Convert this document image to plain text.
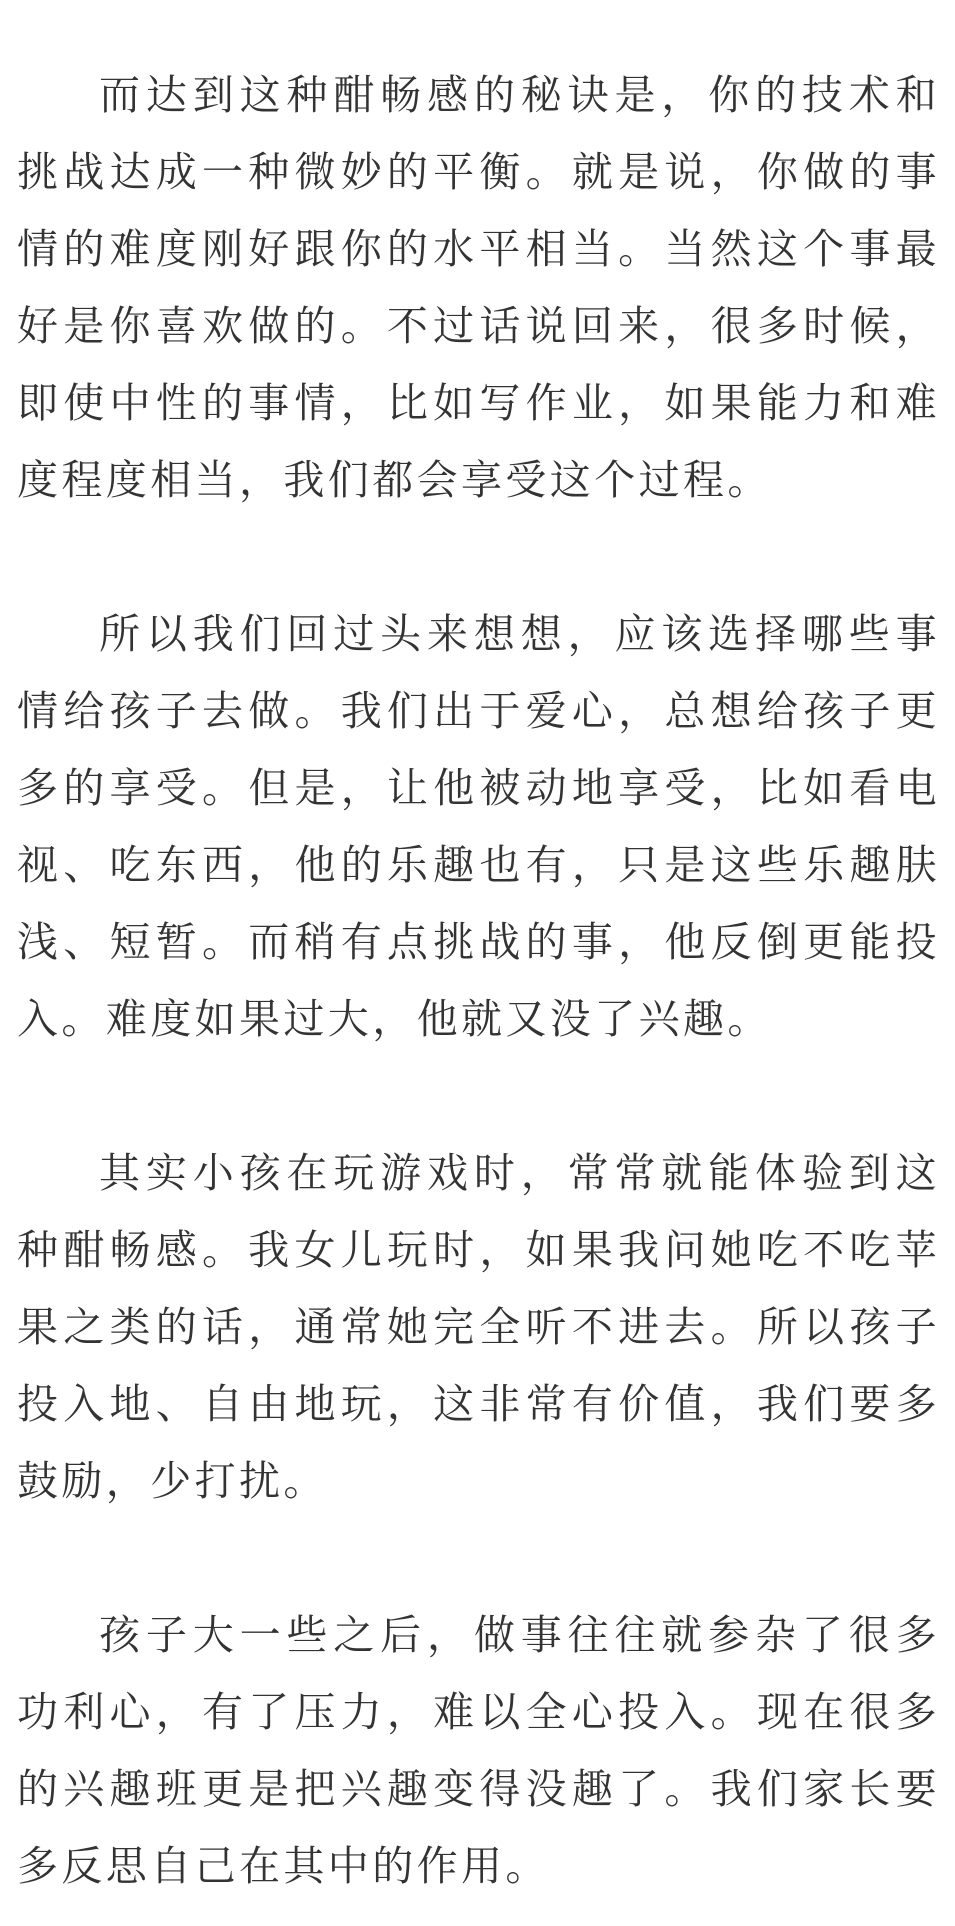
而达到这种酣畅感的秘诀是，你的技术和挑战达成一种微妙的平衡。就是说，你做的事情的难度刚好跟你的水平相当。当然这个事最好是你喜欢做的。不过话说回来，很多时候，即使中性的事情，比如写作业，如果能力和难度程度相当，我们都会享受这个过程。

所以我们回过头来想想，应该选择哪些事情给孩子去做。我们出于爱心，总想给孩子更多的享受。但是，让他被动地享受，比如看电视、吃东西，他的乐趣也有，只是这些乐趣肤浅、短暂。而稍有点挑战的事，他反倒更能投入。难度如果过大，他就又没了兴趣。

其实小孩在玩游戏时，常常就能体验到这种酣畅感。我女儿玩时，如果我问她吃不吃苹果之类的话，通常她完全听不进去。所以孩子投入地、自由地玩，这非常有价值，我们要多鼓励，少打扰。

孩子大一些之后，做事往往就参杂了很多功利心，有了压力，难以全心投入。现在很多的兴趣班更是把兴趣变得没趣了。我们家长要多反思自己在其中的作用。
